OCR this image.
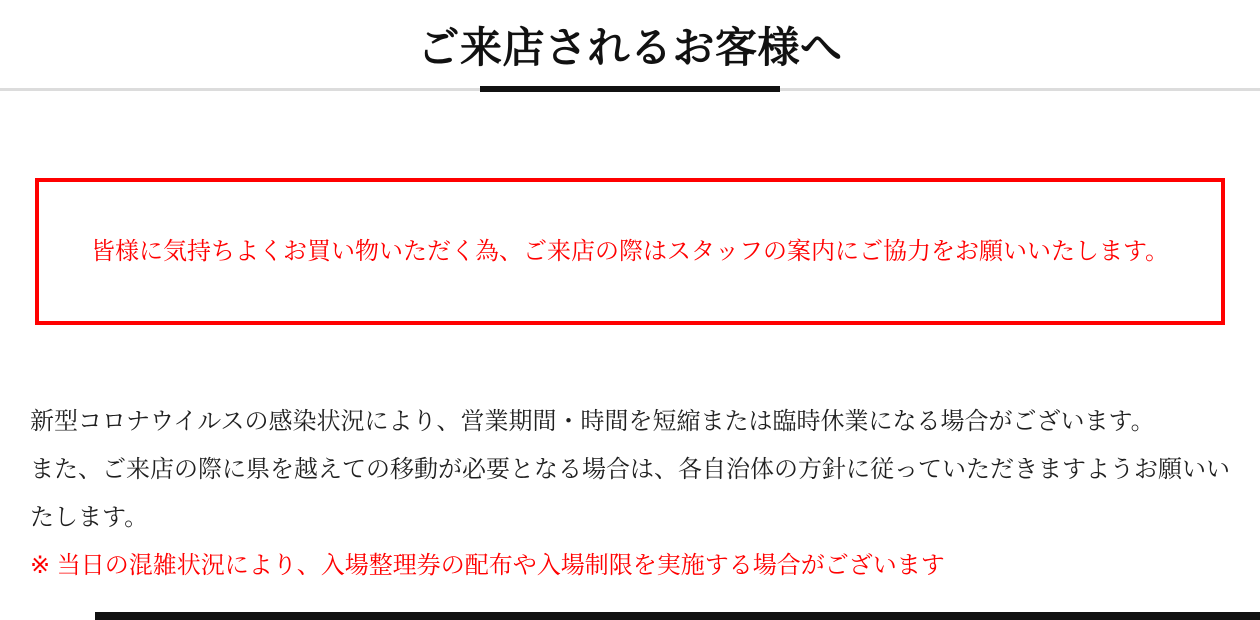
ご来店されるお客様へ

皆様に気持ちよくお買い物いただく為、ご来店の際はスタッフの案内にご協力をお願いいたします。

新型コロナウイルスの感染状況により、営業期間・時間を短縮または臨時休業になる場合がございます。

また、ご来店の際に県を越えての移動が必要となる場合は、各自治体の方針に従っていただきますようお願いい

たします。

※ 当日の混雑状況により、入場整理券の配布や入場制限を実施する場合がございます
